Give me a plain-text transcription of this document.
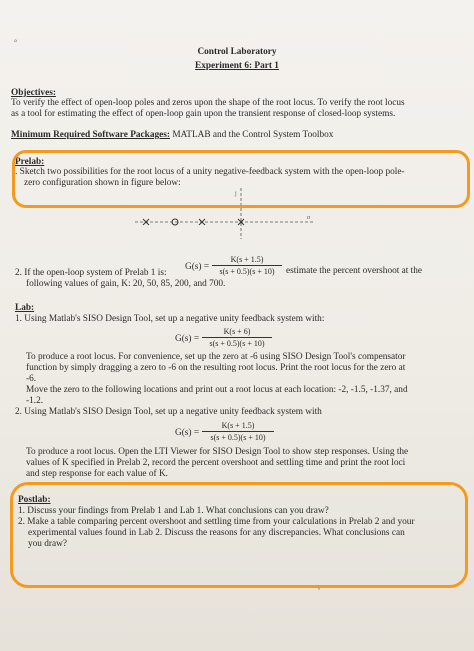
°
Control Laboratory
Experiment 6: Part 1
Objectives:
To verify the effect of open-loop poles and zeros upon the shape of the root locus. To verify the root locus
as a tool for estimating the effect of open-loop gain upon the transient response of closed-loop systems.
Minimum Required Software Packages: MATLAB and the Control System Toolbox
Prelab:
. Sketch two possibilities for the root locus of a unity negative-feedback system with the open-loop pole-
zero configuration shown in figure below:
j
σ
G(s) =
K(s + 1.5)
s(s + 0.5)(s + 10)
2. If the open-loop system of Prelab 1 is:	estimate the percent overshoot at the
following values of gain, K: 20, 50, 85, 200, and 700.
Lab:
1. Using Matlab's SISO Design Tool, set up a negative unity feedback system with:
G(s) =
K(s + 6)
s(s + 0.5)(s + 10)
To produce a root locus. For convenience, set up the zero at -6 using SISO Design Tool's compensator
function by simply dragging a zero to -6 on the resulting root locus. Print the root locus for the zero at
-6.
Move the zero to the following locations and print out a root locus at each location: -2, -1.5, -1.37, and
-1.2.
2. Using Matlab's SISO Design Tool, set up a negative unity feedback system with
G(s) =
K(s + 1.5)
s(s + 0.5)(s + 10)
To produce a root locus. Open the LTI Viewer for SISO Design Tool to show step responses. Using the
values of K specified in Prelab 2, record the percent overshoot and settling time and print the root loci
and step response for each value of K.
Postlab:
1. Discuss your findings from Prelab 1 and Lab 1. What conclusions can you draw?
2. Make a table comparing percent overshoot and settling time from your calculations in Prelab 2 and your
experimental values found in Lab 2. Discuss the reasons for any discrepancies. What conclusions can
you draw?
,
